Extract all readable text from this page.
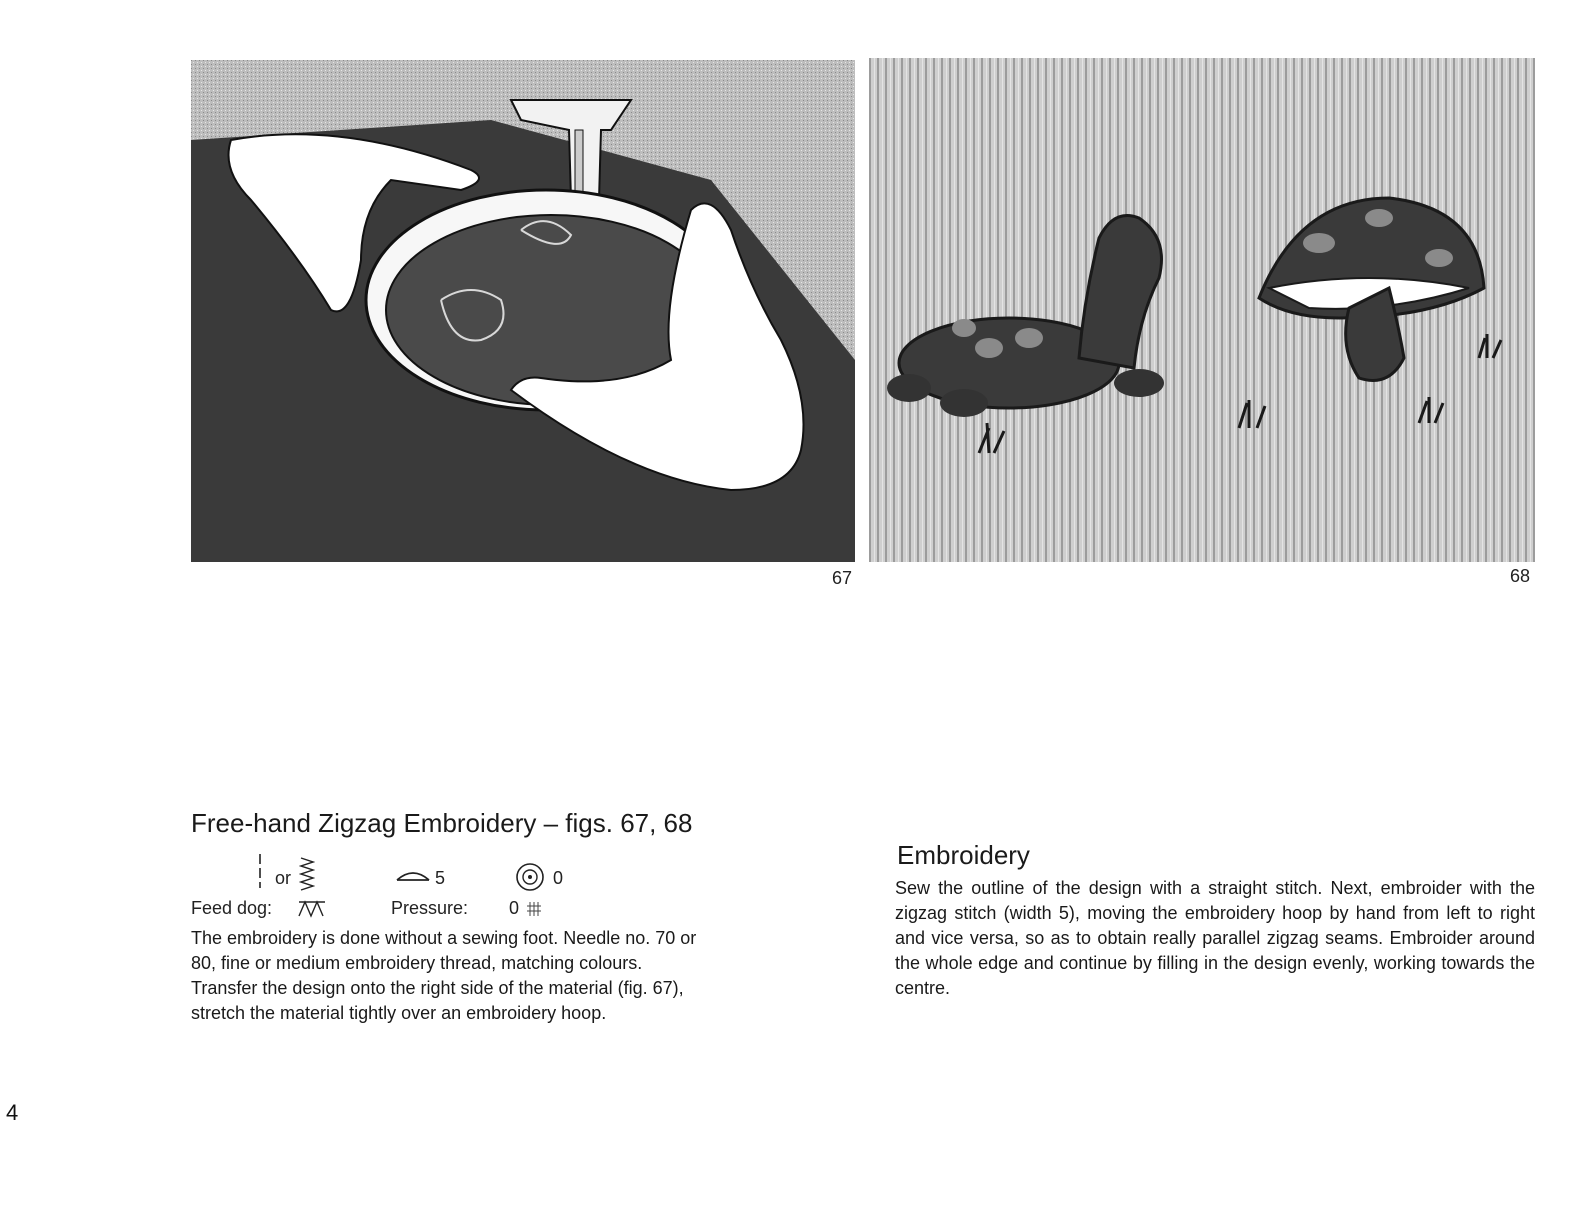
67	68
Free-hand Zigzag Embroidery – figs. 67, 68
or	5	0
Feed dog:	Pressure: 0

The embroidery is done without a sewing foot. Needle no. 70 or

80, fine or medium embroidery thread, matching colours.

Transfer the design onto the right side of the material (fig. 67),

stretch the material tightly over an embroidery hoop.

Embroidery
Sew the outline of the design with a straight stitch. Next, embroider with the zigzag stitch (width 5), moving the embroidery hoop by hand from left to right and vice versa, so as to obtain really parallel zigzag seams. Embroider around the whole edge and continue by filling in the design evenly, working towards the centre.
4
